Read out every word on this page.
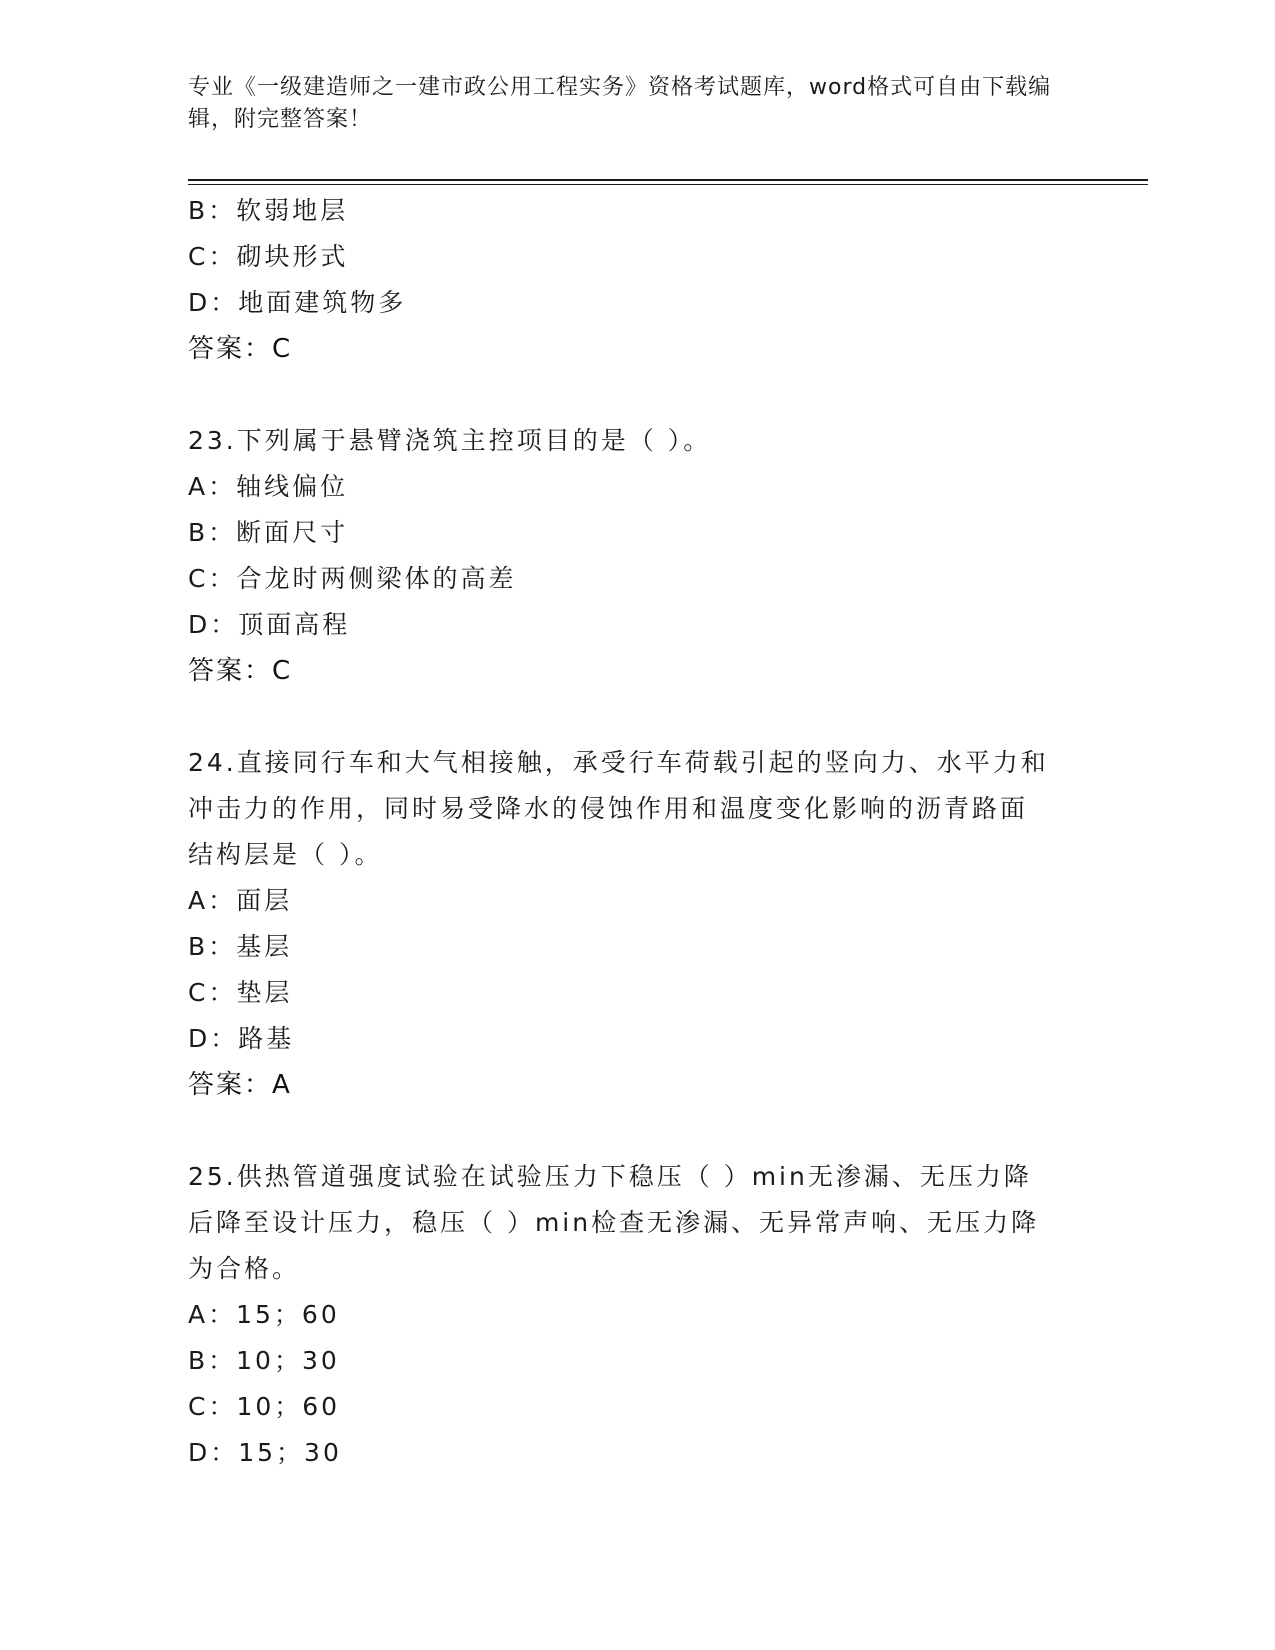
专业《一级建造师之一建市政公用工程实务》资格考试题库，word格式可自由下载编辑，附完整答案！
B：软弱地层
C：砌块形式
D：地面建筑物多
答案：C
23.下列属于悬臂浇筑主控项目的是（ ）。
A：轴线偏位
B：断面尺寸
C：合龙时两侧梁体的高差
D：顶面高程
答案：C
24.直接同行车和大气相接触，承受行车荷载引起的竖向力、水平力和
冲击力的作用，同时易受降水的侵蚀作用和温度变化影响的沥青路面
结构层是（ ）。
A：面层
B：基层
C：垫层
D：路基
答案：A
25.供热管道强度试验在试验压力下稳压（ ）min无渗漏、无压力降
后降至设计压力，稳压（ ）min检查无渗漏、无异常声响、无压力降
为合格。
A：15；60
B：10；30
C：10；60
D：15；30
